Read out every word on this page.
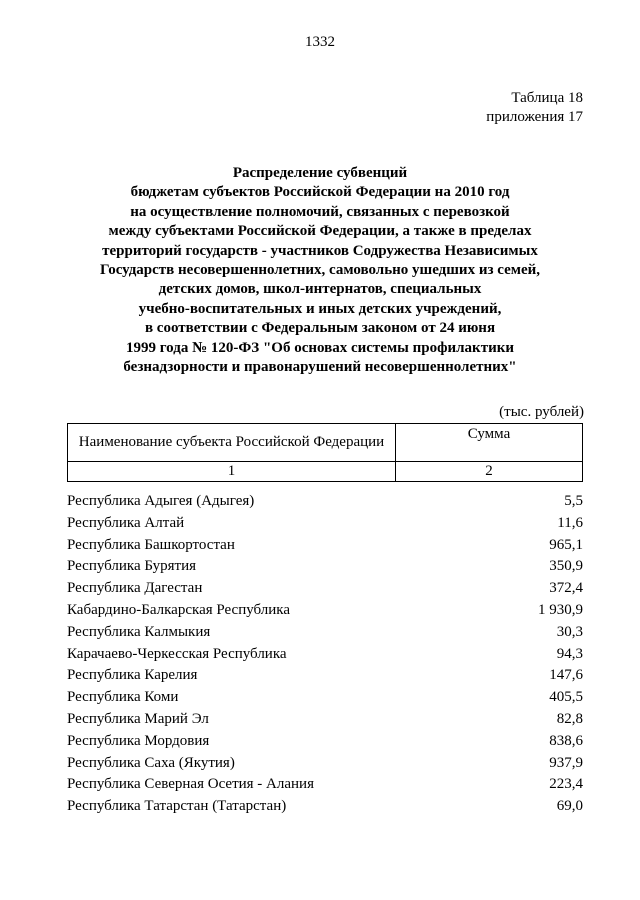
1332
Таблица 18
приложения 17
Распределение субвенций
бюджетам субъектов Российской Федерации на 2010 год
на осуществление полномочий, связанных с перевозкой
между субъектами Российской Федерации, а также в пределах
территорий государств - участников Содружества Независимых
Государств несовершеннолетних, самовольно ушедших из семей,
детских домов, школ-интернатов, специальных
учебно-воспитательных и иных детских учреждений,
в соответствии с Федеральным законом от 24 июня
1999 года № 120-ФЗ "Об основах системы профилактики
безнадзорности и правонарушений несовершеннолетних"
(тыс. рублей)
Наименование субъекта Российской Федерации	Сумма
1	2
Республика Адыгея (Адыгея)	5,5
Республика Алтай	11,6
Республика Башкортостан	965,1
Республика Бурятия	350,9
Республика Дагестан	372,4
Кабардино-Балкарская Республика	1 930,9
Республика Калмыкия	30,3
Карачаево-Черкесская Республика	94,3
Республика Карелия	147,6
Республика Коми	405,5
Республика Марий Эл	82,8
Республика Мордовия	838,6
Республика Саха (Якутия)	937,9
Республика Северная Осетия - Алания	223,4
Республика Татарстан (Татарстан)	69,0
